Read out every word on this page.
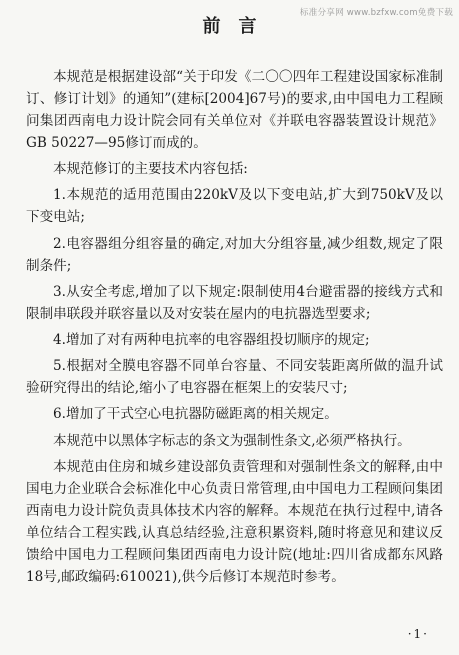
标准分享网 www.bzfxw.com免费下载
前言

本规范是根据建设部“关于印发《二〇〇四年工程建设国家标准制订、修订计划》的通知”(建标[2004]67号)的要求,由中国电力工程顾问集团西南电力设计院会同有关单位对《并联电容器装置设计规范》GB 50227—95修订而成的。

本规范修订的主要技术内容包括:

1.本规范的适用范围由220kV及以下变电站,扩大到750kV及以下变电站;

2.电容器组分组容量的确定,对加大分组容量,减少组数,规定了限制条件;

3.从安全考虑,增加了以下规定:限制使用4台避雷器的接线方式和限制串联段并联容量以及对安装在屋内的电抗器选型要求;

4.增加了对有两种电抗率的电容器组投切顺序的规定;

5.根据对全膜电容器不同单台容量、不同安装距离所做的温升试验研究得出的结论,缩小了电容器在框架上的安装尺寸;

6.增加了干式空心电抗器防磁距离的相关规定。

本规范中以黑体字标志的条文为强制性条文,必须严格执行。

本规范由住房和城乡建设部负责管理和对强制性条文的解释,由中国电力企业联合会标准化中心负责日常管理,由中国电力工程顾问集团西南电力设计院负责具体技术内容的解释。本规范在执行过程中,请各单位结合工程实践,认真总结经验,注意积累资料,随时将意见和建议反馈给中国电力工程顾问集团西南电力设计院(地址:四川省成都东风路18号,邮政编码:610021),供今后修订本规范时参考。

·1·
